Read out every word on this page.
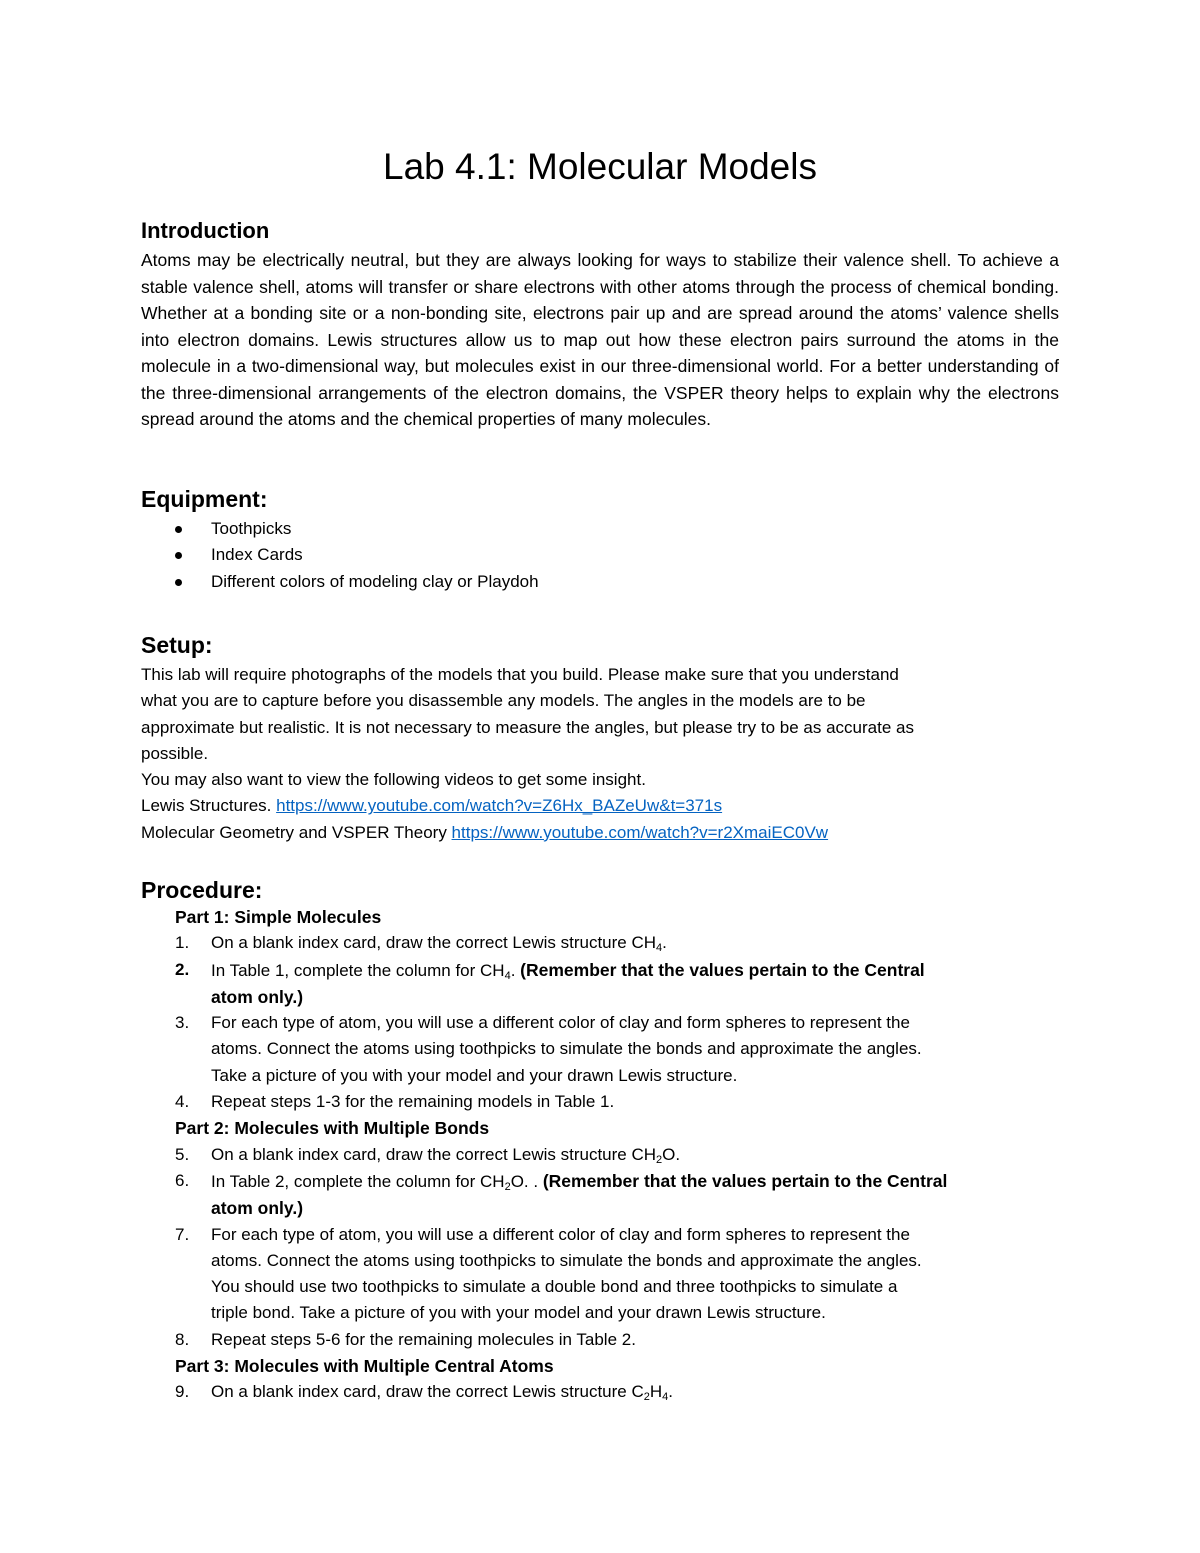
Lab 4.1: Molecular Models
Introduction

Atoms may be electrically neutral, but they are always looking for ways to stabilize their valence shell. To achieve a stable valence shell, atoms will transfer or share electrons with other atoms through the process of chemical bonding. Whether at a bonding site or a non-bonding site, electrons pair up and are spread around the atoms’ valence shells into electron domains. Lewis structures allow us to map out how these electron pairs surround the atoms in the molecule in a two-dimensional way, but molecules exist in our three-dimensional world. For a better understanding of the three-dimensional arrangements of the electron domains, the VSPER theory helps to explain why the electrons spread around the atoms and the chemical properties of many molecules.

Equipment:
Toothpicks
Index Cards
Different colors of modeling clay or Playdoh
Setup:

This lab will require photographs of the models that you build. Please make sure that you understand

what you are to capture before you disassemble any models. The angles in the models are to be

approximate but realistic. It is not necessary to measure the angles, but please try to be as accurate as

possible.

You may also want to view the following videos to get some insight.

Lewis Structures. https://www.youtube.com/watch?v=Z6Hx_BAZeUw&t=371s

Molecular Geometry and VSPER Theory https://www.youtube.com/watch?v=r2XmaiEC0Vw

Procedure:

Part 1: Simple Molecules

1. On a blank index card, draw the correct Lewis structure $CH_4$.

2. In Table 1, complete the column for $CH_4$. (Remember that the values pertain to the Central
atom only.)

3. For each type of atom, you will use a different color of clay and form spheres to represent the
atoms. Connect the atoms using toothpicks to simulate the bonds and approximate the angles.
Take a picture of you with your model and your drawn Lewis structure.

4. Repeat steps 1-3 for the remaining models in Table 1.

Part 2: Molecules with Multiple Bonds

5. On a blank index card, draw the correct Lewis structure $CH_2O$.

6. In Table 2, complete the column for $CH_2O$. . (Remember that the values pertain to the Central
atom only.)

7. For each type of atom, you will use a different color of clay and form spheres to represent the
atoms. Connect the atoms using toothpicks to simulate the bonds and approximate the angles.
You should use two toothpicks to simulate a double bond and three toothpicks to simulate a
triple bond. Take a picture of you with your model and your drawn Lewis structure.

8. Repeat steps 5-6 for the remaining molecules in Table 2.

Part 3: Molecules with Multiple Central Atoms

9. On a blank index card, draw the correct Lewis structure $C_2H_4$.
